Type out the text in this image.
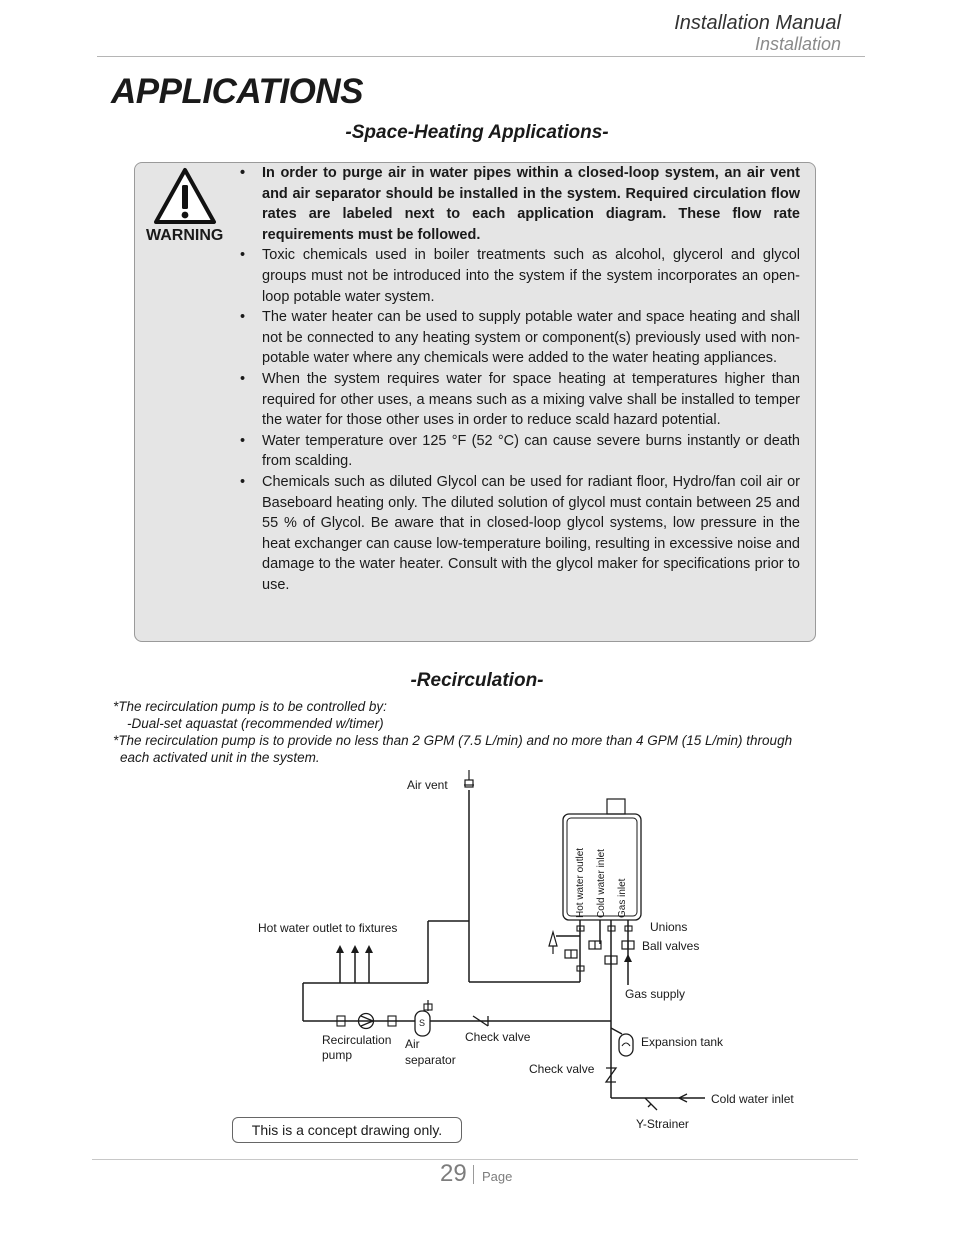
Installation Manual
Installation
APPLICATIONS
-Space-Heating Applications-
WARNING
• In order to purge air in water pipes within a closed-loop system, an air vent and air separator should be installed in the system. Required circulation flow rates are labeled next to each application diagram. These flow rate requirements must be followed.
• Toxic chemicals used in boiler treatments such as alcohol, glycerol and glycol groups must not be introduced into the system if the system incorporates an open-loop potable water system.
• The water heater can be used to supply potable water and space heating and shall not be connected to any heating system or component(s) previously used with non-potable water where any chemicals were added to the water heating appliances.
• When the system requires water for space heating at temperatures higher than required for other uses, a means such as a mixing valve shall be installed to temper the water for those other uses in order to reduce scald hazard potential.
• Water temperature over 125 °F (52 °C) can cause severe burns instantly or death from scalding.
• Chemicals such as diluted Glycol can be used for radiant floor, Hydro/fan coil air or Baseboard heating only. The diluted solution of glycol must contain between 25 and 55 % of Glycol. Be aware that in closed-loop glycol systems, low pressure in the heat exchanger can cause low-temperature boiling, resulting in excessive noise and damage to the water heater. Consult with the glycol maker for specifications prior to use.
-Recirculation-
*The recirculation pump is to be controlled by:
-Dual-set aquastat (recommended w/timer)
*The recirculation pump is to provide no less than 2 GPM (7.5 L/min) and no more than 4 GPM (15 L/min) through
each activated unit in the system.
Air vent
Hot water outlet to fixtures
Hot water outlet Cold water inlet Gas inlet
Unions
Ball valves
Gas supply
Recirculation
pump
Air
separator
S
Check valve	Expansion tank
Check valve
Cold water inlet
Y-Strainer
This is a concept drawing only.
29 Page
